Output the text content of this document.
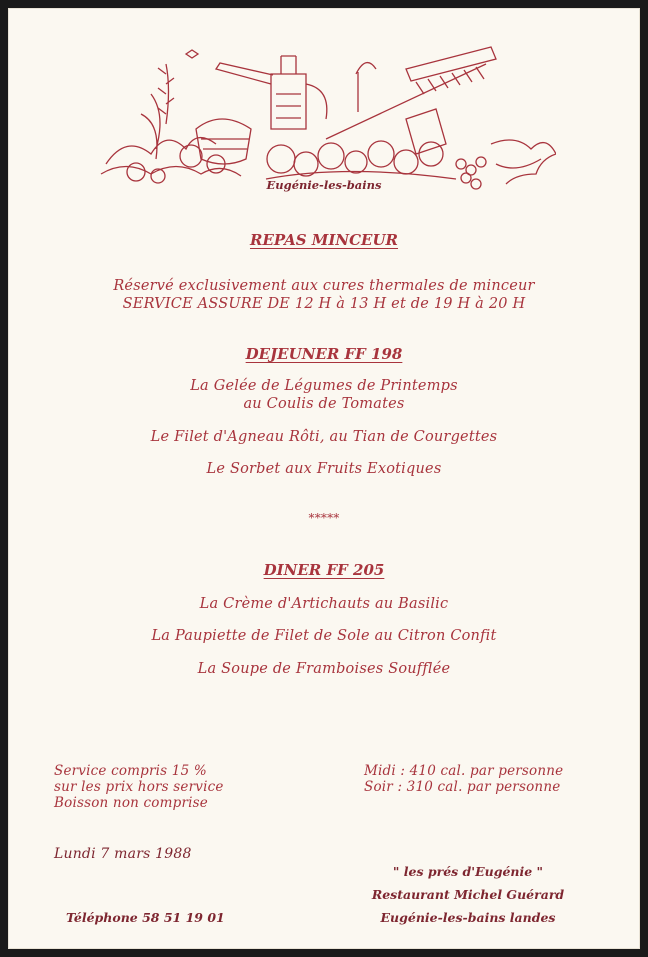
Eugénie-les-bains
REPAS MINCEUR
Réservé exclusivement aux cures thermales de minceur
SERVICE ASSURE DE 12 H à 13 H et de 19 H à 20 H
DEJEUNER FF 198
La Gelée de Légumes de Printemps
au Coulis de Tomates
Le Filet d'Agneau Rôti, au Tian de Courgettes
Le Sorbet aux Fruits Exotiques
*****
DINER FF 205
La Crème d'Artichauts au Basilic
La Paupiette de Filet de Sole au Citron Confit
La Soupe de Framboises Soufflée
Service compris 15 %
sur les prix hors service
Boisson non comprise
Midi : 410 cal. par personne
Soir : 310 cal. par personne
Lundi 7 mars 1988
" les prés d'Eugénie "
Restaurant Michel Guérard
Eugénie-les-bains landes
Téléphone 58 51 19 01
